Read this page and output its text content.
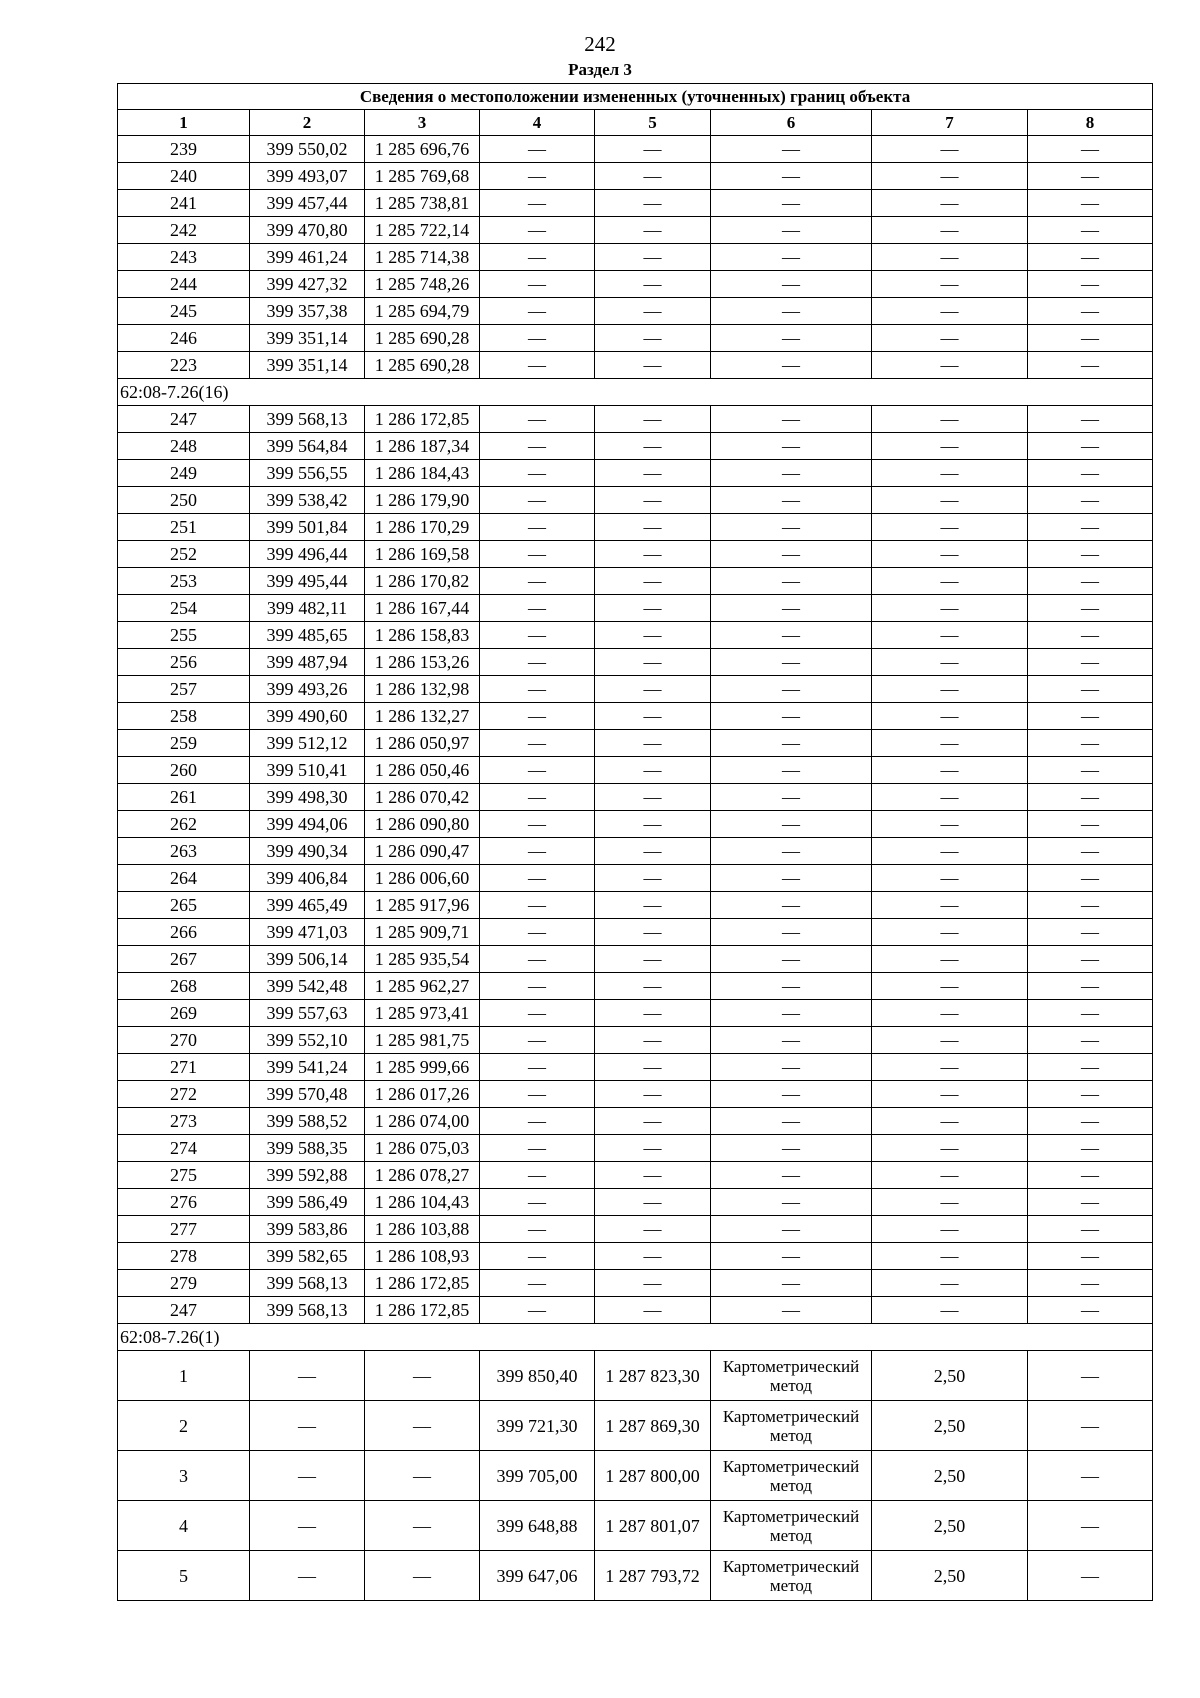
242
Раздел 3
Сведения о местоположении измененных (уточненных) границ объекта							
1	2	3	4	5	6	7	8
239	399 550,02	1 285 696,76	—	—	—	—	—
240	399 493,07	1 285 769,68	—	—	—	—	—
241	399 457,44	1 285 738,81	—	—	—	—	—
242	399 470,80	1 285 722,14	—	—	—	—	—
243	399 461,24	1 285 714,38	—	—	—	—	—
244	399 427,32	1 285 748,26	—	—	—	—	—
245	399 357,38	1 285 694,79	—	—	—	—	—
246	399 351,14	1 285 690,28	—	—	—	—	—
223	399 351,14	1 285 690,28	—	—	—	—	—
62:08-7.26(16)							
247	399 568,13	1 286 172,85	—	—	—	—	—
248	399 564,84	1 286 187,34	—	—	—	—	—
249	399 556,55	1 286 184,43	—	—	—	—	—
250	399 538,42	1 286 179,90	—	—	—	—	—
251	399 501,84	1 286 170,29	—	—	—	—	—
252	399 496,44	1 286 169,58	—	—	—	—	—
253	399 495,44	1 286 170,82	—	—	—	—	—
254	399 482,11	1 286 167,44	—	—	—	—	—
255	399 485,65	1 286 158,83	—	—	—	—	—
256	399 487,94	1 286 153,26	—	—	—	—	—
257	399 493,26	1 286 132,98	—	—	—	—	—
258	399 490,60	1 286 132,27	—	—	—	—	—
259	399 512,12	1 286 050,97	—	—	—	—	—
260	399 510,41	1 286 050,46	—	—	—	—	—
261	399 498,30	1 286 070,42	—	—	—	—	—
262	399 494,06	1 286 090,80	—	—	—	—	—
263	399 490,34	1 286 090,47	—	—	—	—	—
264	399 406,84	1 286 006,60	—	—	—	—	—
265	399 465,49	1 285 917,96	—	—	—	—	—
266	399 471,03	1 285 909,71	—	—	—	—	—
267	399 506,14	1 285 935,54	—	—	—	—	—
268	399 542,48	1 285 962,27	—	—	—	—	—
269	399 557,63	1 285 973,41	—	—	—	—	—
270	399 552,10	1 285 981,75	—	—	—	—	—
271	399 541,24	1 285 999,66	—	—	—	—	—
272	399 570,48	1 286 017,26	—	—	—	—	—
273	399 588,52	1 286 074,00	—	—	—	—	—
274	399 588,35	1 286 075,03	—	—	—	—	—
275	399 592,88	1 286 078,27	—	—	—	—	—
276	399 586,49	1 286 104,43	—	—	—	—	—
277	399 583,86	1 286 103,88	—	—	—	—	—
278	399 582,65	1 286 108,93	—	—	—	—	—
279	399 568,13	1 286 172,85	—	—	—	—	—
247	399 568,13	1 286 172,85	—	—	—	—	—
62:08-7.26(1)							
1	—	—	399 850,40	1 287 823,30	Картометрический метод	2,50	—
2	—	—	399 721,30	1 287 869,30	Картометрический метод	2,50	—
3	—	—	399 705,00	1 287 800,00	Картометрический метод	2,50	—
4	—	—	399 648,88	1 287 801,07	Картометрический метод	2,50	—
5	—	—	399 647,06	1 287 793,72	Картометрический метод	2,50	—
